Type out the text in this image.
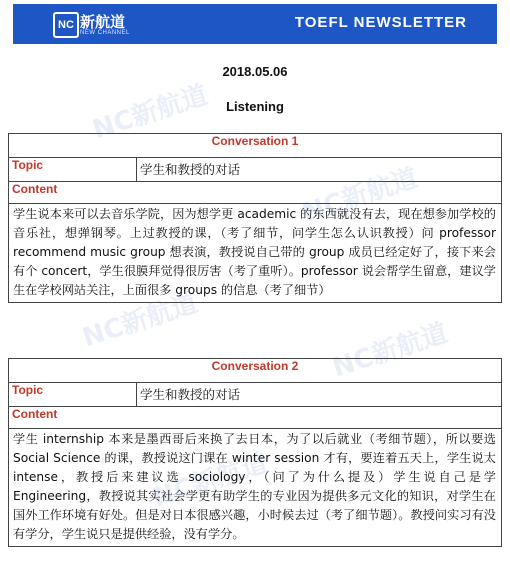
NC 新航道
NEW CHANNEL
TOEFL NEWSLETTER
NC新航道
NC新航道
NC新航道	NC新航道
NC新航道
2018.05.06
Listening
Conversation 1
Topic	学生和教授的对话
Content
学生说本来可以去音乐学院，因为想学更 academic 的东西就没有去，现在想参加学校的音乐社，想弹钢琴。上过教授的课，（考了细节，问学生怎么认识教授）问 professor recommend music group 想表演，教授说自己带的 group 成员已经定好了，接下来会有个 concert，学生很膜拜觉得很厉害（考了重听）。professor 说会帮学生留意，建议学生在学校网站关注，上面很多 groups 的信息（考了细节）
Conversation 2
Topic	学生和教授的对话
Content
学生 internship 本来是墨西哥后来换了去日本，为了以后就业（考细节题），所以要选 Social Science 的课，教授说这门课在 winter session 才有，要连着五天上，学生说太 intense，教授后来建议选 sociology，（问了为什么提及）学生说自己是学 Engineering，教授说其实社会学更有助学生的专业因为提供多元文化的知识，对学生在国外工作环境有好处。但是对日本很感兴趣，小时候去过（考了细节题）。教授问实习有没有学分，学生说只是提供经验，没有学分。
